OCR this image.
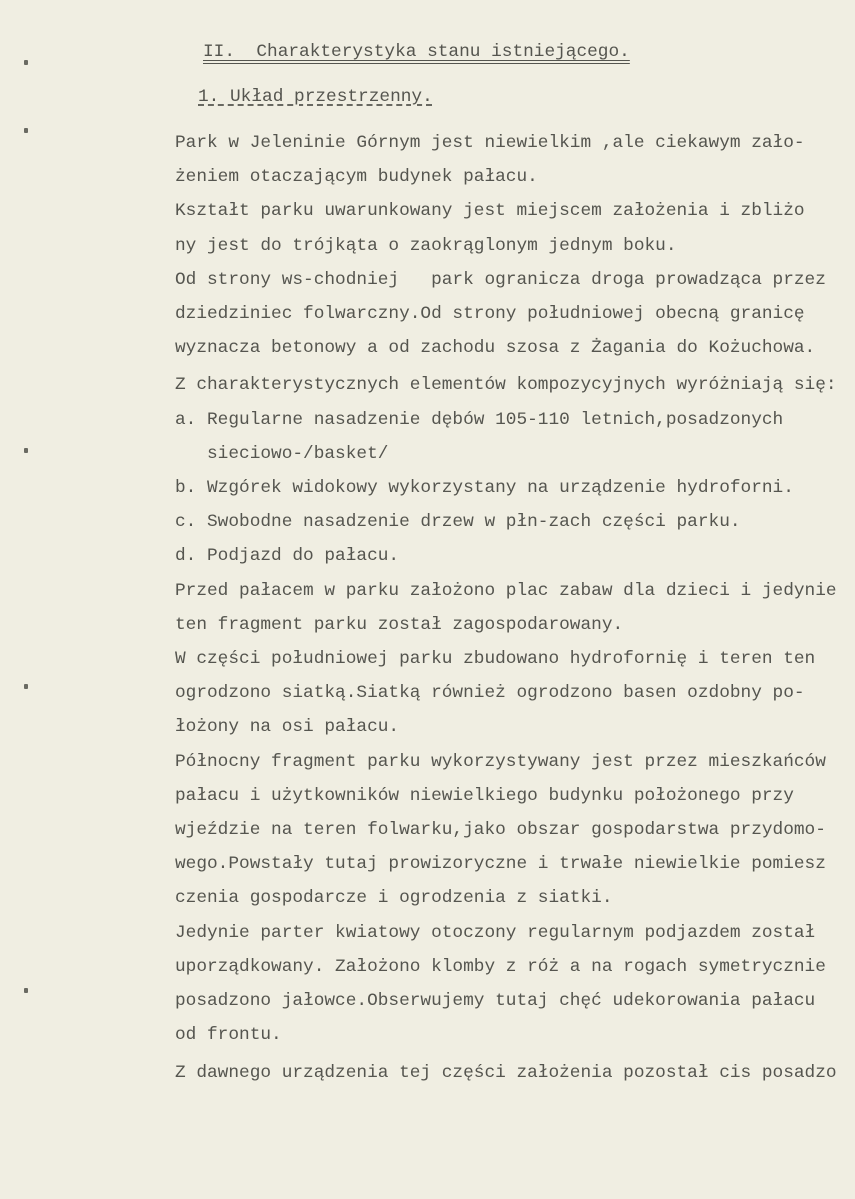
II.  Charakterystyka stanu istniejącego.
1. Układ przestrzenny.
Park w Jeleninie Górnym jest niewielkim ,ale ciekawym zało-
żeniem otaczającym budynek pałacu.
Kształt parku uwarunkowany jest miejscem założenia i zbliżo
ny jest do trójkąta o zaokrąglonym jednym boku.
Od strony ws-chodniej   park ogranicza droga prowadząca przez
dziedziniec folwarczny.Od strony południowej obecną granicę
wyznacza betonowy a od zachodu szosa z Żagania do Kożuchowa.
Z charakterystycznych elementów kompozycyjnych wyróżniają się:
a. Regularne nasadzenie dębów 105-110 letnich,posadzonych
sieciowo-/basket/
b. Wzgórek widokowy wykorzystany na urządzenie hydroforni.
c. Swobodne nasadzenie drzew w płn-zach części parku.
d. Podjazd do pałacu.
Przed pałacem w parku założono plac zabaw dla dzieci i jedynie
ten fragment parku został zagospodarowany.
W części południowej parku zbudowano hydrofornię i teren ten
ogrodzono siatką.Siatką również ogrodzono basen ozdobny po-
łożony na osi pałacu.
Północny fragment parku wykorzystywany jest przez mieszkańców
pałacu i użytkowników niewielkiego budynku położonego przy
wjeździe na teren folwarku,jako obszar gospodarstwa przydomo-
wego.Powstały tutaj prowizoryczne i trwałe niewielkie pomiesz
czenia gospodarcze i ogrodzenia z siatki.
Jedynie parter kwiatowy otoczony regularnym podjazdem został
uporządkowany. Założono klomby z róż a na rogach symetrycznie
posadzono jałowce.Obserwujemy tutaj chęć udekorowania pałacu
od frontu.
Z dawnego urządzenia tej części założenia pozostał cis posadzo
